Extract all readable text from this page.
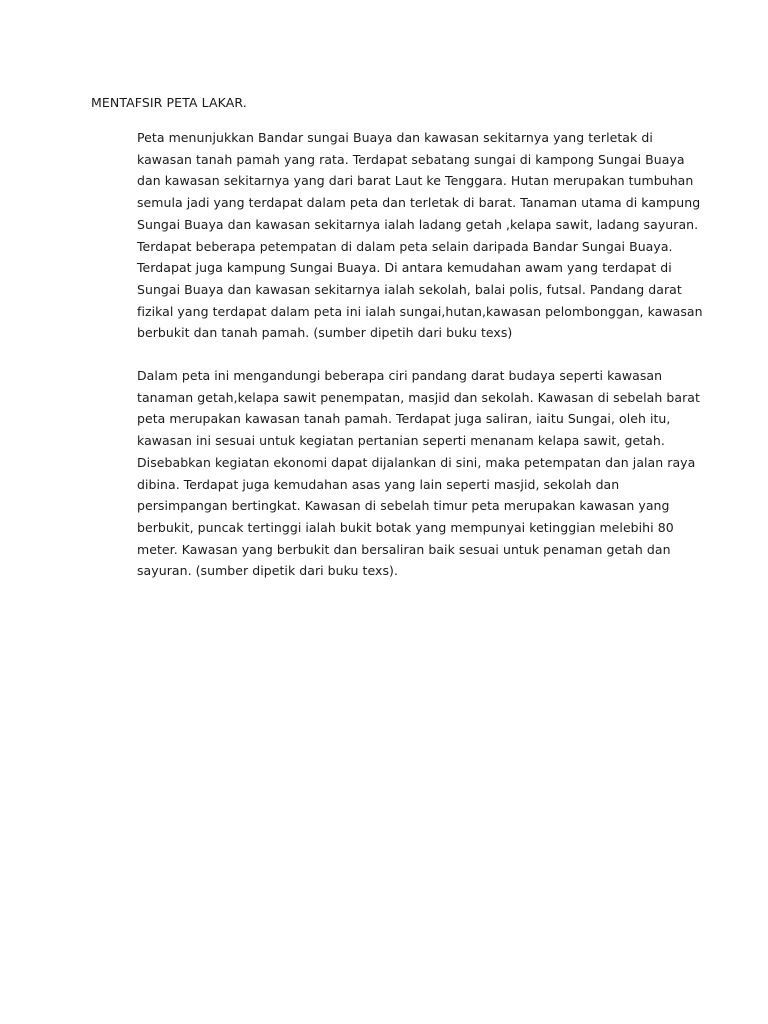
MENTAFSIR PETA LAKAR.

Peta menunjukkan Bandar sungai Buaya dan kawasan sekitarnya yang terletak di
kawasan tanah pamah yang rata. Terdapat sebatang sungai di kampong Sungai Buaya
dan kawasan sekitarnya yang dari barat Laut ke Tenggara. Hutan merupakan tumbuhan
semula jadi yang terdapat dalam peta dan terletak di barat. Tanaman utama di kampung
Sungai Buaya dan kawasan sekitarnya ialah ladang getah ,kelapa sawit, ladang sayuran.
Terdapat beberapa petempatan di dalam peta selain daripada Bandar Sungai Buaya.
Terdapat juga kampung Sungai Buaya. Di antara kemudahan awam yang terdapat di
Sungai Buaya dan kawasan sekitarnya ialah sekolah, balai polis, futsal. Pandang darat
fizikal yang terdapat dalam peta ini ialah sungai,hutan,kawasan pelombonggan, kawasan
berbukit dan tanah pamah. (sumber dipetih dari buku texs)

Dalam peta ini mengandungi beberapa ciri pandang darat budaya seperti kawasan
tanaman getah,kelapa sawit penempatan, masjid dan sekolah. Kawasan di sebelah barat
peta merupakan kawasan tanah pamah. Terdapat juga saliran, iaitu Sungai, oleh itu,
kawasan ini sesuai untuk kegiatan pertanian seperti menanam kelapa sawit, getah.
Disebabkan kegiatan ekonomi dapat dijalankan di sini, maka petempatan dan jalan raya
dibina. Terdapat juga kemudahan asas yang lain seperti masjid, sekolah dan
persimpangan bertingkat. Kawasan di sebelah timur peta merupakan kawasan yang
berbukit, puncak tertinggi ialah bukit botak yang mempunyai ketinggian melebihi 80
meter. Kawasan yang berbukit dan bersaliran baik sesuai untuk penaman getah dan
sayuran. (sumber dipetik dari buku texs).
